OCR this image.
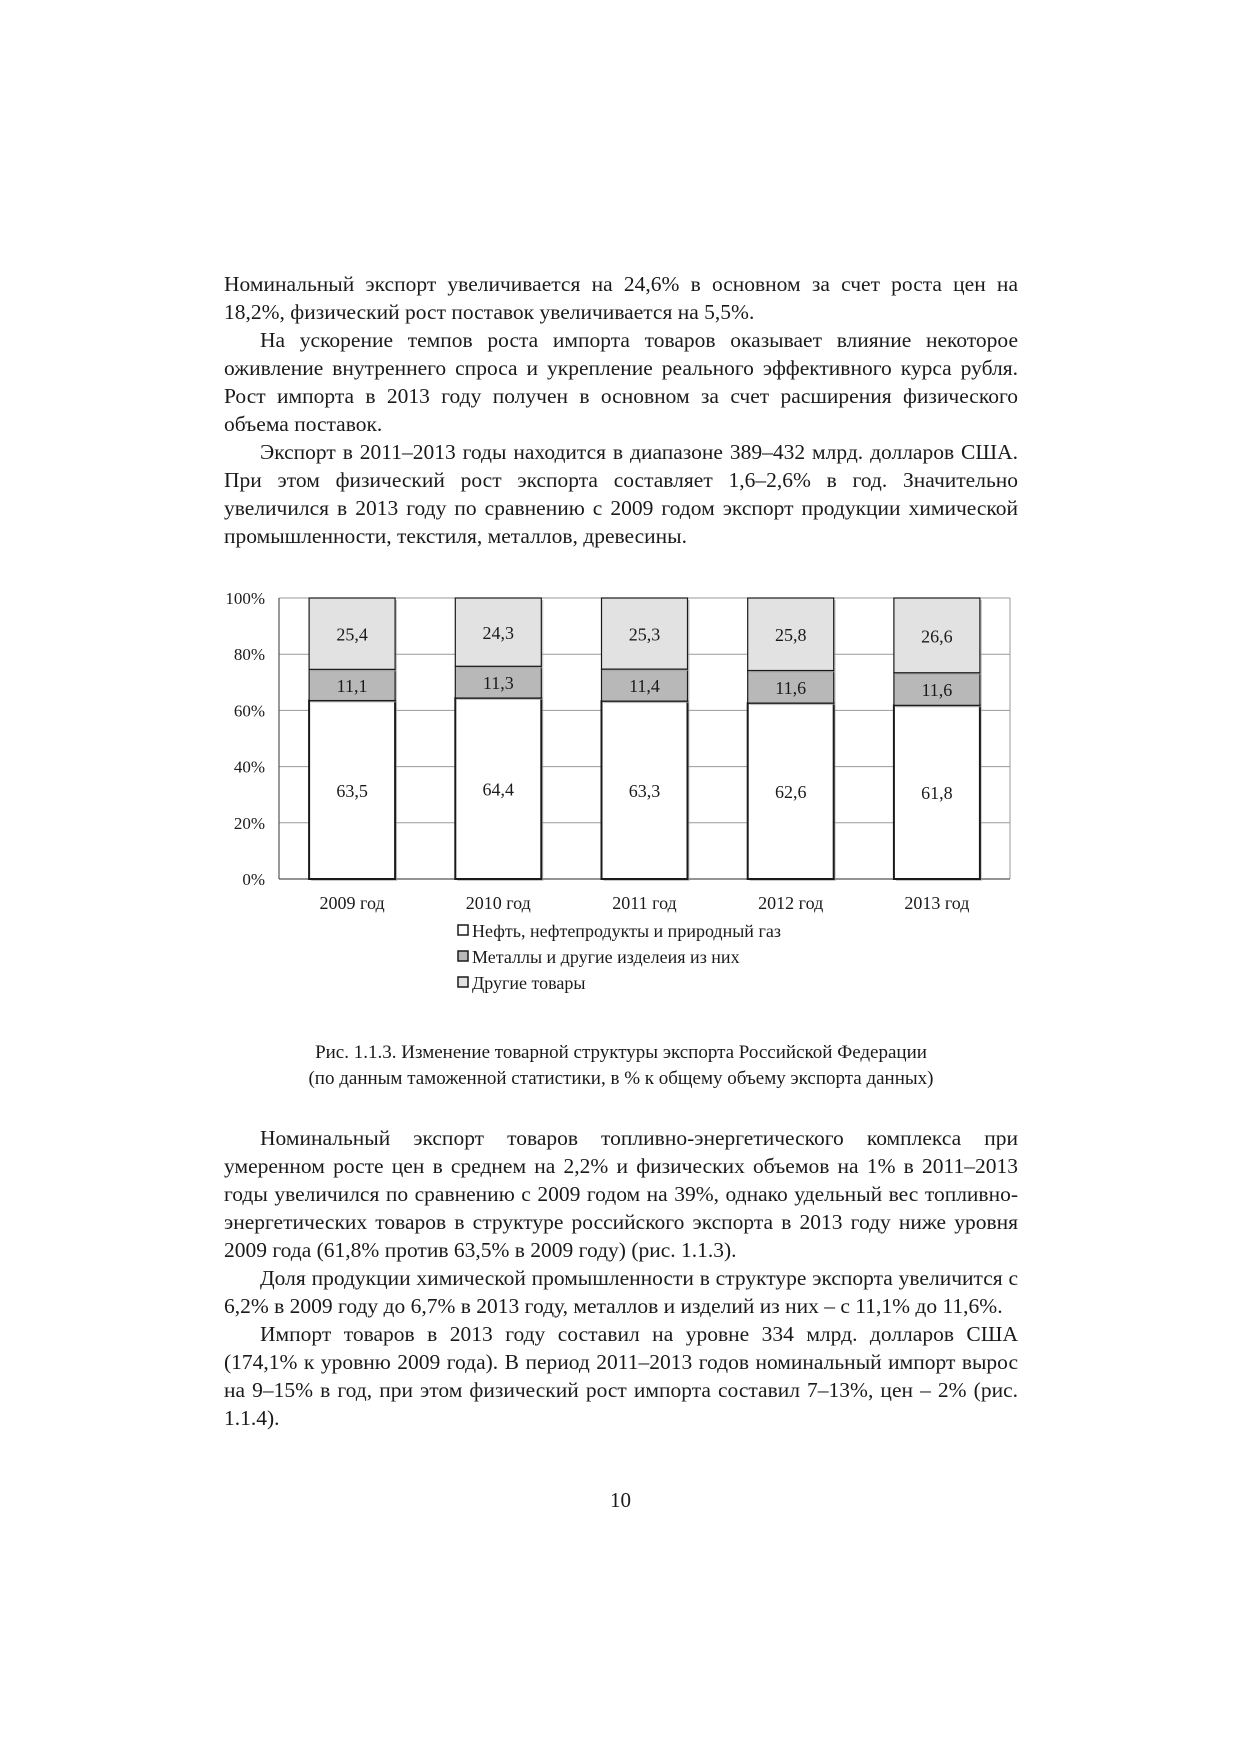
Номинальный экспорт увеличивается на 24,6% в основном за счет роста цен на 18,2%, физический рост поставок увеличивается на 5,5%.

На ускорение темпов роста импорта товаров оказывает влияние некоторое оживление внутреннего спроса и укрепление реального эффективного курса рубля. Рост импорта в 2013 году получен в основном за счет расширения физического объема поставок.

Экспорт в 2011–2013 годы находится в диапазоне 389–432 млрд. долларов США. При этом физический рост экспорта составляет 1,6–2,6% в год. Значительно увеличился в 2013 году по сравнению с 2009 годом экспорт продукции химической промышленности, текстиля, металлов, древесины.

0%
20%
40%
60%
80%
100%
63,5
11,1
25,4
2009 год
64,4
11,3
24,3
2010 год
63,3
11,4
25,3
2011 год
62,6
11,6
25,8
2012 год
61,8
11,6
26,6
2013 год
Нефть, нефтепродукты и природный газ
Металлы и другие изделеия из них
Другие товары
Рис. 1.1.3. Изменение товарной структуры экспорта Российской Федерации
(по данным таможенной статистики, в % к общему объему экспорта данных)

Номинальный экспорт товаров топливно-энергетического комплекса при умеренном росте цен в среднем на 2,2% и физических объемов на 1% в 2011–2013 годы увеличился по сравнению с 2009 годом на 39%, однако удельный вес топливно-энергетических товаров в структуре российского экспорта в 2013 году ниже уровня 2009 года (61,8% против 63,5% в 2009 году) (рис. 1.1.3).

Доля продукции химической промышленности в структуре экспорта увеличится с 6,2% в 2009 году до 6,7% в 2013 году, металлов и изделий из них – с 11,1% до 11,6%.

Импорт товаров в 2013 году составил на уровне 334 млрд. долларов США (174,1% к уровню 2009 года). В период 2011–2013 годов номинальный импорт вырос на 9–15% в год, при этом физический рост импорта составил 7–13%, цен – 2% (рис. 1.1.4).

10
